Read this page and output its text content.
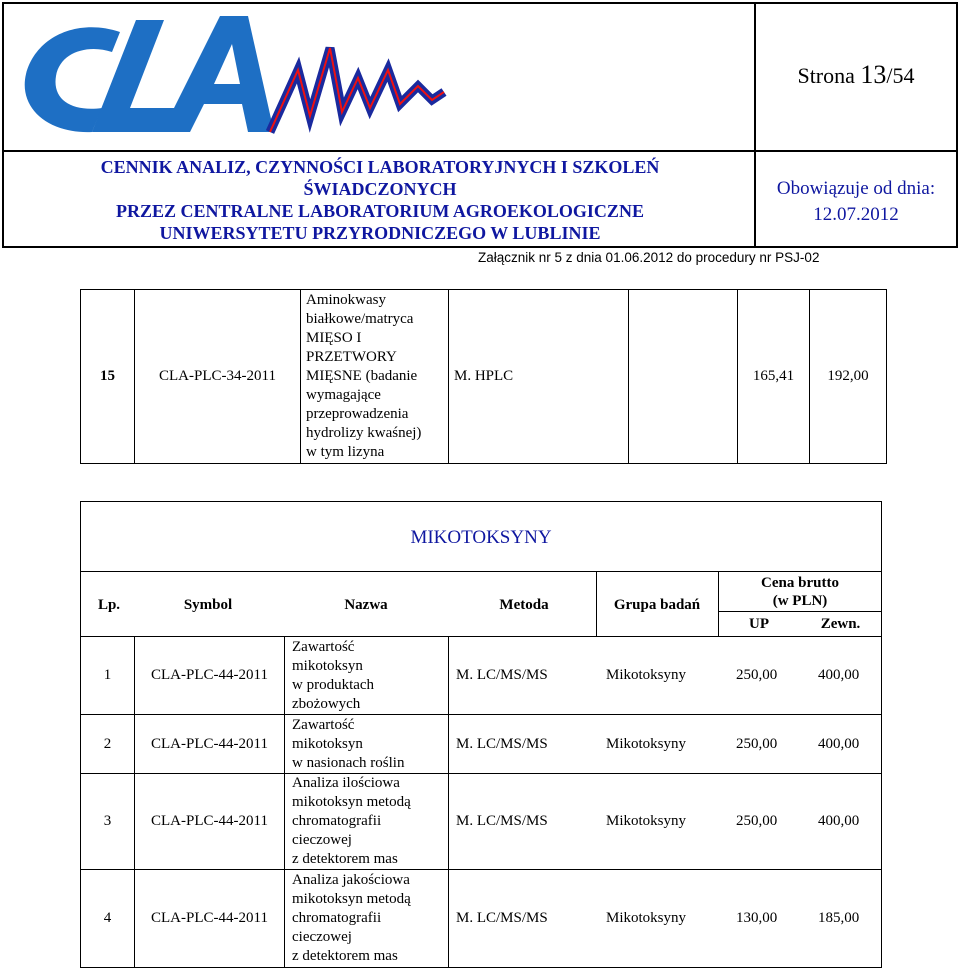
CLA
Strona 13/54
CENNIK ANALIZ, CZYNNOŚCI LABORATORYJNYCH I SZKOLEŃ
ŚWIADCZONYCH
PRZEZ CENTRALNE LABORATORIUM AGROEKOLOGICZNE
UNIWERSYTETU PRZYRODNICZEGO W LUBLINIE
Obowiązuje od dnia:
12.07.2012
Załącznik nr 5 z dnia 01.06.2012 do procedury nr PSJ-02
15	CLA-PLC-34-2011
Aminokwasy
białkowe/matryca
MIĘSO I
PRZETWORY
MIĘSNE (badanie
wymagające
przeprowadzenia
hydrolizy kwaśnej)
w tym lizyna
M. HPLC	165,41	192,00
MIKOTOKSYNY
Lp.	Symbol	Nazwa	Metoda	Grupa badań
Cena brutto
(w PLN)
UP	Zewn.
1	CLA-PLC-44-2011
Zawartość
mikotoksyn
w produktach
zbożowych
M. LC/MS/MS	Mikotoksyny	250,00	400,00
2	CLA-PLC-44-2011
Zawartość
mikotoksyn
w nasionach roślin
M. LC/MS/MS	Mikotoksyny	250,00	400,00
3	CLA-PLC-44-2011
Analiza ilościowa
mikotoksyn metodą
chromatografii
cieczowej
z detektorem mas
M. LC/MS/MS	Mikotoksyny	250,00	400,00
4	CLA-PLC-44-2011
Analiza jakościowa
mikotoksyn metodą
chromatografii
cieczowej
z detektorem mas
M. LC/MS/MS	Mikotoksyny	130,00	185,00
